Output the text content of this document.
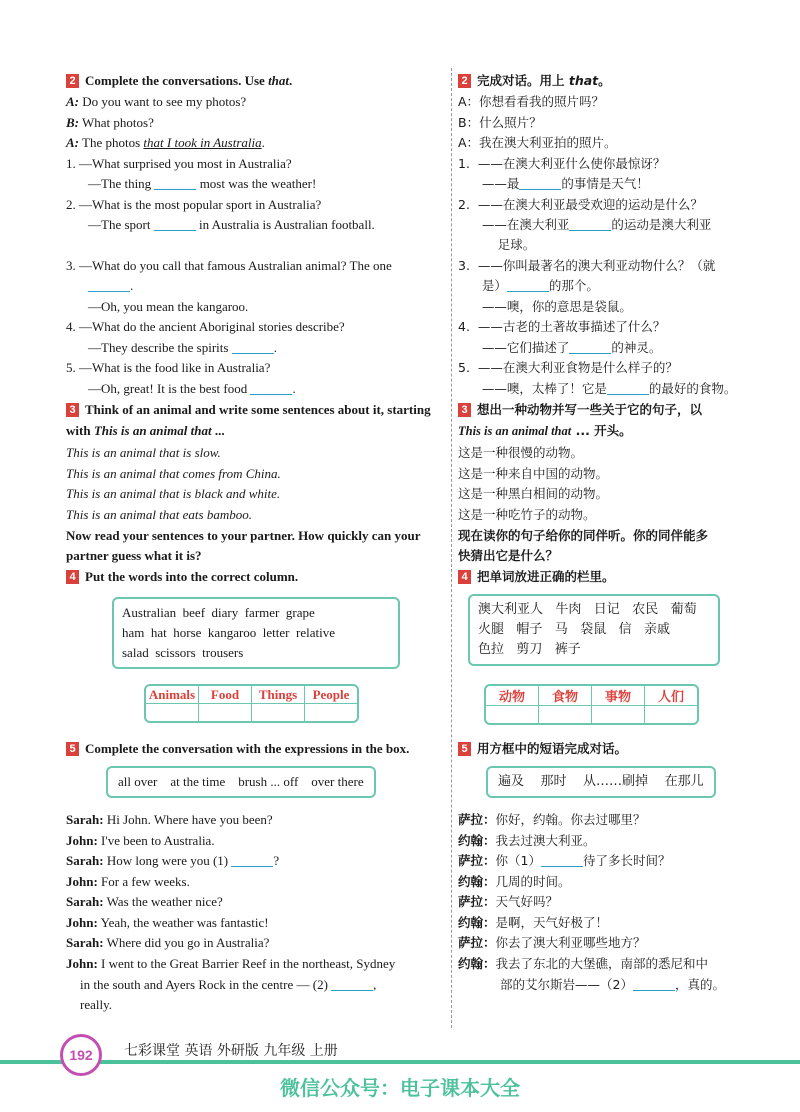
2 Complete the conversations. Use that.
A: Do you want to see my photos?
B: What photos?
A: The photos that I took in Australia.
1. —What surprised you most in Australia?
—The thing	most was the weather!
2. —What is the most popular sport in Australia?
—The sport	in Australia is Australian football.
3. —What do you call that famous Australian animal? The one
.
—Oh, you mean the kangaroo.
4. —What do the ancient Aboriginal stories describe?
—They describe the spirits	.
5. —What is the food like in Australia?
—Oh, great! It is the best food	.
3 Think of an animal and write some sentences about it, starting
with This is an animal that ...
This is an animal that is slow.
This is an animal that comes from China.
This is an animal that is black and white.
This is an animal that eats bamboo.
Now read your sentences to your partner. How quickly can your
partner guess what it is?
4 Put the words into the correct column.
Australian  beef  diary  farmer  grape
ham  hat  horse  kangaroo  letter  relative
salad  scissors  trousers
Animals	Food	Things	People

5 Complete the conversation with the expressions in the box.
all over    at the time    brush ... off    over there
Sarah: Hi John. Where have you been?
John: I've been to Australia.
Sarah: How long were you (1)	?
John: For a few weeks.
Sarah: Was the weather nice?
John: Yeah, the weather was fantastic!
Sarah: Where did you go in Australia?
John: I went to the Great Barrier Reef in the northeast, Sydney
in the south and Ayers Rock in the centre — (2)	,
really.
2 完成对话。用上 that。
A：你想看看我的照片吗？
B：什么照片？
A：我在澳大利亚拍的照片。
1.  ——在澳大利亚什么使你最惊讶？
——最	的事情是天气！
2.  ——在澳大利亚最受欢迎的运动是什么？
——在澳大利亚	的运动是澳大利亚
足球。
3.  ——你叫最著名的澳大利亚动物什么？（就
是）	的那个。
——噢，你的意思是袋鼠。
4.  ——古老的土著故事描述了什么？
——它们描述了	的神灵。
5.  ——在澳大利亚食物是什么样子的？
——噢，太棒了！它是	的最好的食物。
3 想出一种动物并写一些关于它的句子，以
This is an animal that ... 开头。
这是一种很慢的动物。
这是一种来自中国的动物。
这是一种黑白相间的动物。
这是一种吃竹子的动物。
现在读你的句子给你的同伴听。你的同伴能多
快猜出它是什么？
4 把单词放进正确的栏里。
澳大利亚人   牛肉   日记   农民   葡萄
火腿   帽子   马   袋鼠   信   亲戚
色拉   剪刀   裤子
动物	食物	事物	人们

5 用方框中的短语完成对话。
遍及    那时    从……刷掉    在那儿
萨拉：你好，约翰。你去过哪里？
约翰：我去过澳大利亚。
萨拉：你（1）	待了多长时间？
约翰：几周的时间。
萨拉：天气好吗？
约翰：是啊，天气好极了！
萨拉：你去了澳大利亚哪些地方？
约翰：我去了东北的大堡礁，南部的悉尼和中
部的艾尔斯岩——（2）	，真的。
192	七彩课堂 英语 外研版 九年级 上册
微信公众号：电子课本大全
